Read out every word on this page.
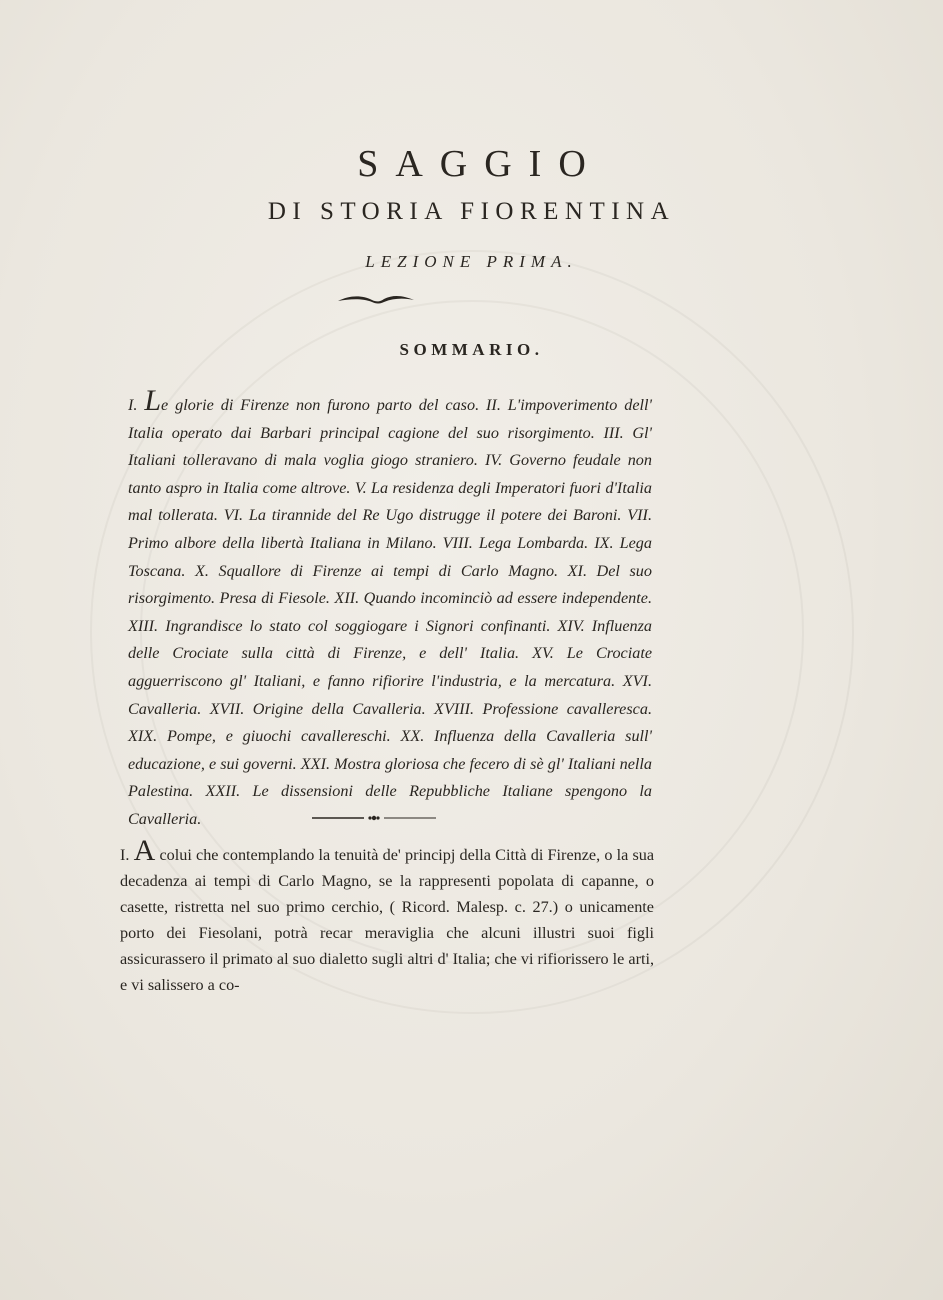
SAGGIO
DI STORIA FIORENTINA

LEZIONE PRIMA.

SOMMARIO.

I. Le glorie di Firenze non furono parto del caso. II. L'impoverimento dell' Italia operato dai Barbari principal cagione del suo risorgimento. III. Gl' Italiani tolleravano di mala voglia giogo straniero. IV. Governo feudale non tanto aspro in Italia come altrove. V. La residenza degli Imperatori fuori d'Italia mal tollerata. VI. La tirannide del Re Ugo distrugge il potere dei Baroni. VII. Primo albore della libertà Italiana in Milano. VIII. Lega Lombarda. IX. Lega Toscana. X. Squallore di Firenze ai tempi di Carlo Magno. XI. Del suo risorgimento. Presa di Fiesole. XII. Quando incominciò ad essere independente. XIII. Ingrandisce lo stato col soggiogare i Signori confinanti. XIV. Influenza delle Crociate sulla città di Firenze, e dell' Italia. XV. Le Crociate agguerriscono gl' Italiani, e fanno rifiorire l'industria, e la mercatura. XVI. Cavalleria. XVII. Origine della Cavalleria. XVIII. Professione cavalleresca. XIX. Pompe, e giuochi cavallereschi. XX. Influenza della Cavalleria sull' educazione, e sui governi. XXI. Mostra gloriosa che fecero di sè gl' Italiani nella Palestina. XXII. Le dissensioni delle Repubbliche Italiane spengono la Cavalleria.

I. A colui che contemplando la tenuità de' principj della Città di Firenze, o la sua decadenza ai tempi di Carlo Magno, se la rappresenti popolata di capanne, o casette, ristretta nel suo primo cerchio, ( Ricord. Malesp. c. 27.) o unicamente porto dei Fiesolani, potrà recar meraviglia che alcuni illustri suoi figli assicurassero il primato al suo dialetto sugli altri d' Italia; che vi rifiorissero le arti, e vi salissero a co-
